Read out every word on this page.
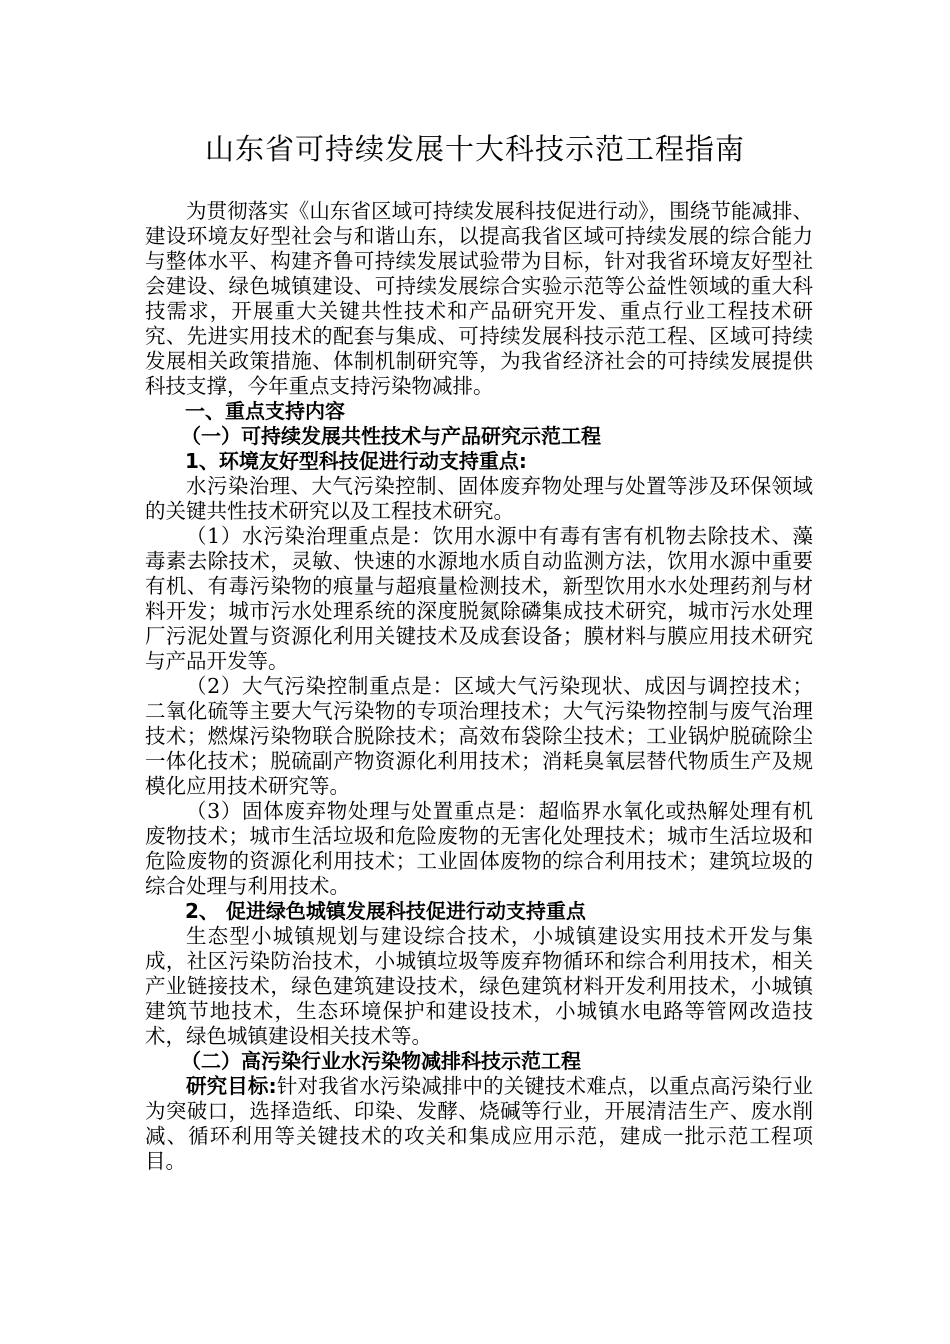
山东省可持续发展十大科技示范工程指南

为贯彻落实《山东省区域可持续发展科技促进行动》，围绕节能减排、建设环境友好型社会与和谐山东，以提高我省区域可持续发展的综合能力与整体水平、构建齐鲁可持续发展试验带为目标，针对我省环境友好型社会建设、绿色城镇建设、可持续发展综合实验示范等公益性领域的重大科技需求，开展重大关键共性技术和产品研究开发、重点行业工程技术研究、先进实用技术的配套与集成、可持续发展科技示范工程、区域可持续发展相关政策措施、体制机制研究等，为我省经济社会的可持续发展提供科技支撑，今年重点支持污染物减排。

一、重点支持内容
（一）可持续发展共性技术与产品研究示范工程
1、环境友好型科技促进行动支持重点:

水污染治理、大气污染控制、固体废弃物处理与处置等涉及环保领域的关键共性技术研究以及工程技术研究。

（1）水污染治理重点是：饮用水源中有毒有害有机物去除技术、藻毒素去除技术，灵敏、快速的水源地水质自动监测方法，饮用水源中重要有机、有毒污染物的痕量与超痕量检测技术，新型饮用水水处理药剂与材料开发；城市污水处理系统的深度脱氮除磷集成技术研究，城市污水处理厂污泥处置与资源化利用关键技术及成套设备；膜材料与膜应用技术研究与产品开发等。

（2）大气污染控制重点是：区域大气污染现状、成因与调控技术；二氧化硫等主要大气污染物的专项治理技术；大气污染物控制与废气治理技术；燃煤污染物联合脱除技术；高效布袋除尘技术；工业锅炉脱硫除尘一体化技术；脱硫副产物资源化利用技术；消耗臭氧层替代物质生产及规模化应用技术研究等。

（3）固体废弃物处理与处置重点是：超临界水氧化或热解处理有机废物技术；城市生活垃圾和危险废物的无害化处理技术；城市生活垃圾和危险废物的资源化利用技术；工业固体废物的综合利用技术；建筑垃圾的综合处理与利用技术。

2、 促进绿色城镇发展科技促进行动支持重点

生态型小城镇规划与建设综合技术，小城镇建设实用技术开发与集成，社区污染防治技术，小城镇垃圾等废弃物循环和综合利用技术，相关产业链接技术，绿色建筑建设技术，绿色建筑材料开发利用技术，小城镇建筑节地技术，生态环境保护和建设技术，小城镇水电路等管网改造技术，绿色城镇建设相关技术等。

（二）高污染行业水污染物减排科技示范工程

研究目标:针对我省水污染减排中的关键技术难点，以重点高污染行业为突破口，选择造纸、印染、发酵、烧碱等行业，开展清洁生产、废水削减、循环利用等关键技术的攻关和集成应用示范，建成一批示范工程项目。
